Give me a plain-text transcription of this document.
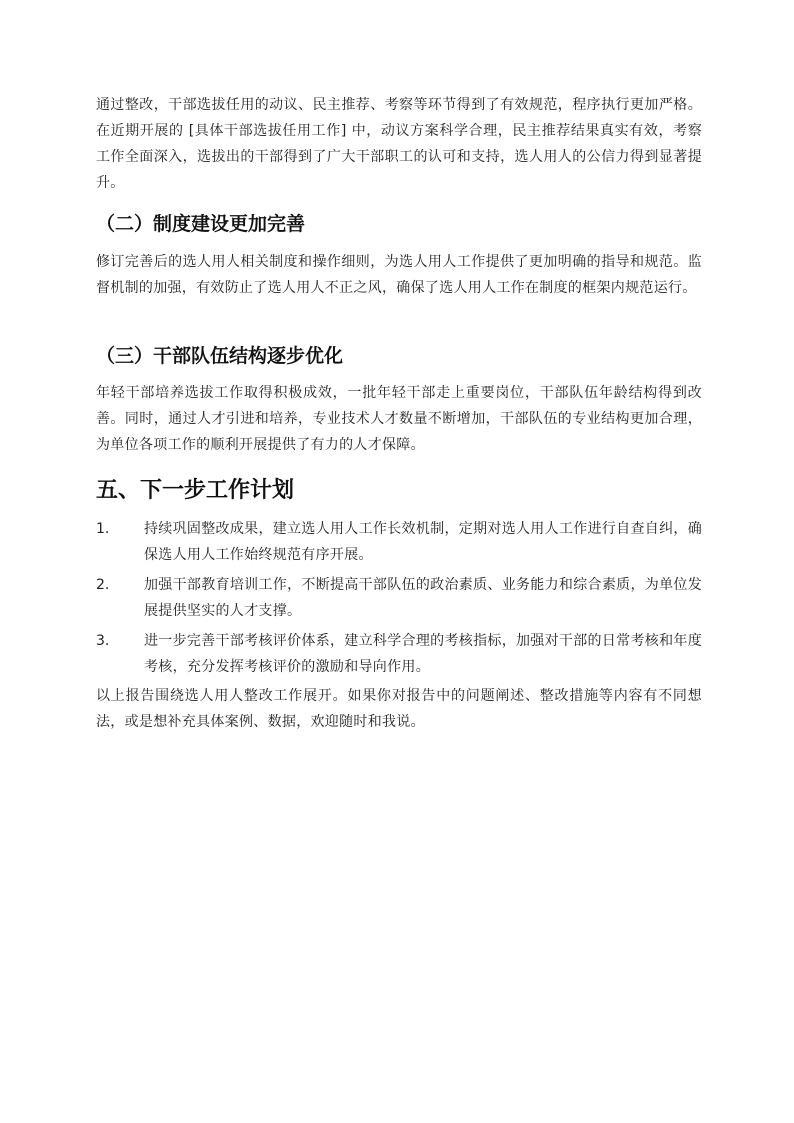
通过整改，干部选拔任用的动议、民主推荐、考察等环节得到了有效规范，程序执行更加严格。在近期开展的 [具体干部选拔任用工作] 中，动议方案科学合理，民主推荐结果真实有效，考察工作全面深入，选拔出的干部得到了广大干部职工的认可和支持，选人用人的公信力得到显著提升。

（二）制度建设更加完善

修订完善后的选人用人相关制度和操作细则，为选人用人工作提供了更加明确的指导和规范。监督机制的加强，有效防止了选人用人不正之风，确保了选人用人工作在制度的框架内规范运行。

（三）干部队伍结构逐步优化

年轻干部培养选拔工作取得积极成效，一批年轻干部走上重要岗位，干部队伍年龄结构得到改善。同时，通过人才引进和培养，专业技术人才数量不断增加，干部队伍的专业结构更加合理，为单位各项工作的顺利开展提供了有力的人才保障。

五、下一步工作计划
1.	持续巩固整改成果，建立选人用人工作长效机制，定期对选人用人工作进行自查自纠，确保选人用人工作始终规范有序开展。
2.	加强干部教育培训工作，不断提高干部队伍的政治素质、业务能力和综合素质，为单位发展提供坚实的人才支撑。
3.	进一步完善干部考核评价体系，建立科学合理的考核指标，加强对干部的日常考核和年度考核，充分发挥考核评价的激励和导向作用。

以上报告围绕选人用人整改工作展开。如果你对报告中的问题阐述、整改措施等内容有不同想法，或是想补充具体案例、数据，欢迎随时和我说。
